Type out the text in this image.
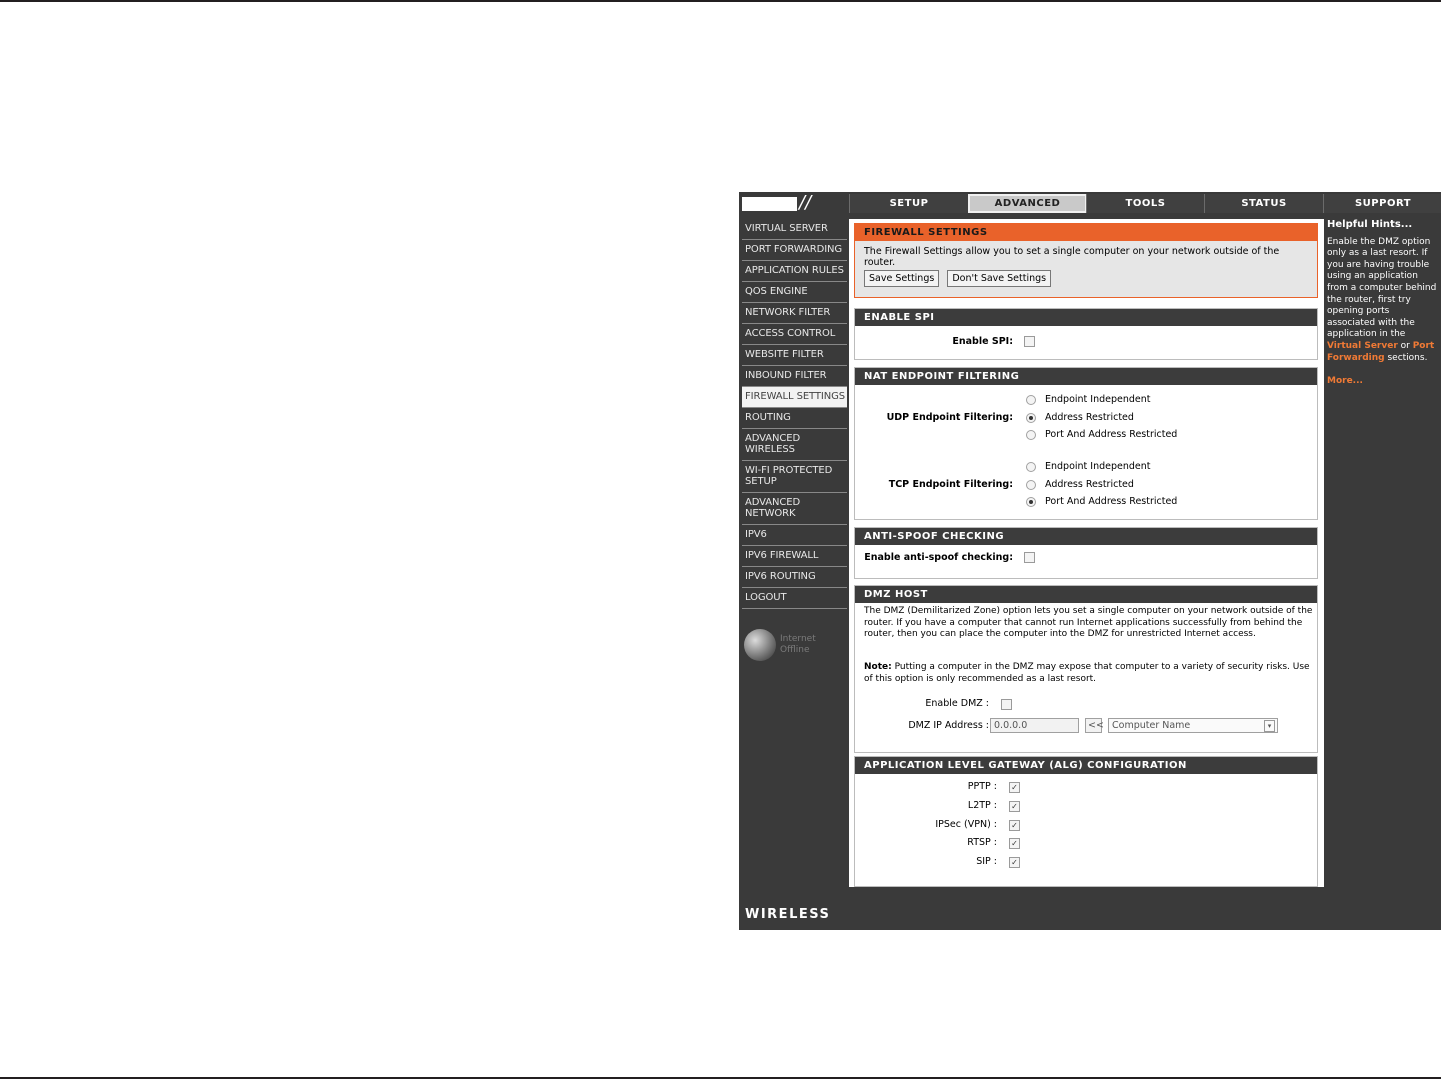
//	SETUP	ADVANCED	TOOLS	STATUS	SUPPORT
VIRTUAL SERVER
PORT FORWARDING
APPLICATION RULES
QOS ENGINE
NETWORK FILTER
ACCESS CONTROL
WEBSITE FILTER
INBOUND FILTER
FIREWALL SETTINGS
ROUTING
ADVANCED WIRELESS
WI-FI PROTECTED SETUP
ADVANCED NETWORK
IPV6
IPV6 FIREWALL
IPV6 ROUTING
LOGOUT
Internet Offline
WIRELESS
FIREWALL SETTINGS
The Firewall Settings allow you to set a single computer on your network outside of the router.
Save Settings Don't Save Settings
ENABLE SPI
Enable SPI:
NAT ENDPOINT FILTERING
UDP Endpoint Filtering:
Endpoint Independent
Address Restricted
Port And Address Restricted
TCP Endpoint Filtering:
Endpoint Independent
Address Restricted
Port And Address Restricted
ANTI-SPOOF CHECKING
Enable anti-spoof checking:
DMZ HOST
The DMZ (Demilitarized Zone) option lets you set a single computer on your network outside of the router. If you have a computer that cannot run Internet applications successfully from behind the router, then you can place the computer into the DMZ for unrestricted Internet access.
Note: Putting a computer in the DMZ may expose that computer to a variety of security risks. Use of this option is only recommended as a last resort.
Enable DMZ :
DMZ IP Address : 0.0.0.0	<< Computer Name	▾
APPLICATION LEVEL GATEWAY (ALG) CONFIGURATION
PPTP : ✓
L2TP : ✓
IPSec (VPN) : ✓
RTSP : ✓
SIP : ✓
Helpful Hints...
Enable the DMZ option only as a last resort. If you are having trouble using an application from a computer behind the router, first try opening ports associated with the application in the Virtual Server or Port Forwarding sections.
More...
